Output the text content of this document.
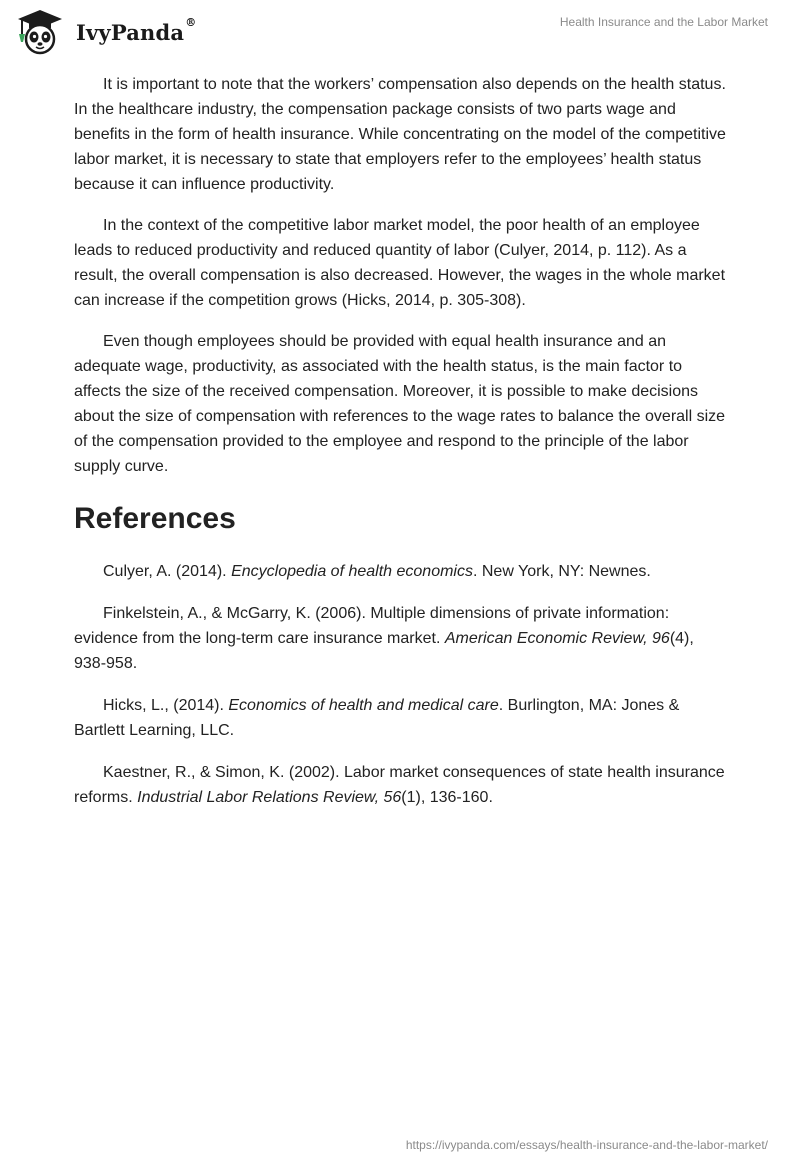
IvyPanda®	Health Insurance and the Labor Market

It is important to note that the workers’ compensation also depends on the health status. In the healthcare industry, the compensation package consists of two parts wage and benefits in the form of health insurance. While concentrating on the model of the competitive labor market, it is necessary to state that employers refer to the employees’ health status because it can influence productivity.

In the context of the competitive labor market model, the poor health of an employee leads to reduced productivity and reduced quantity of labor (Culyer, 2014, p. 112). As a result, the overall compensation is also decreased. However, the wages in the whole market can increase if the competition grows (Hicks, 2014, p. 305-308).

Even though employees should be provided with equal health insurance and an adequate wage, productivity, as associated with the health status, is the main factor to affects the size of the received compensation. Moreover, it is possible to make decisions about the size of compensation with references to the wage rates to balance the overall size of the compensation provided to the employee and respond to the principle of the labor supply curve.

References

Culyer, A. (2014). Encyclopedia of health economics. New York, NY: Newnes.

Finkelstein, A., & McGarry, K. (2006). Multiple dimensions of private information: evidence from the long-term care insurance market. American Economic Review, 96(4), 938-958.

Hicks, L., (2014). Economics of health and medical care. Burlington, MA: Jones & Bartlett Learning, LLC.

Kaestner, R., & Simon, K. (2002). Labor market consequences of state health insurance reforms. Industrial Labor Relations Review, 56(1), 136-160.

https://ivypanda.com/essays/health-insurance-and-the-labor-market/
